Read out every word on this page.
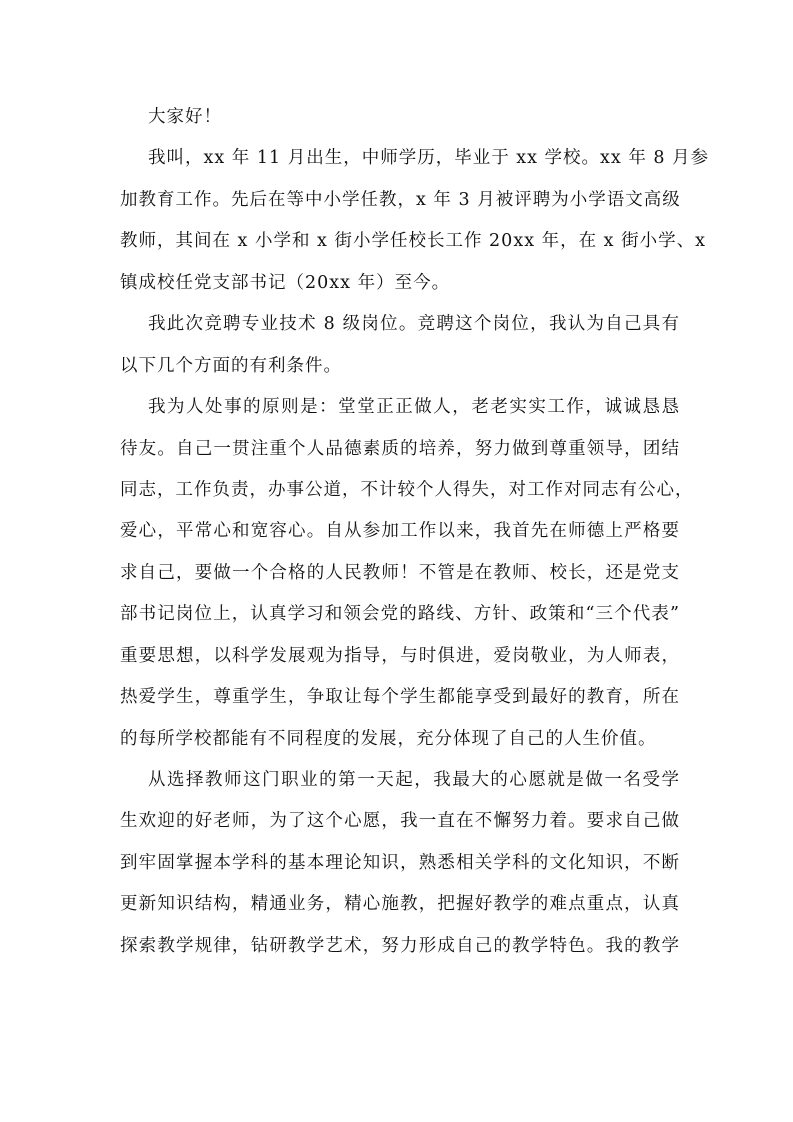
大家好！
我叫，xx 年 11 月出生，中师学历，毕业于 xx 学校。xx 年 8 月参
加教育工作。先后在等中小学任教，x 年 3 月被评聘为小学语文高级
教师，其间在 x 小学和 x 街小学任校长工作 20xx 年，在 x 街小学、x
镇成校任党支部书记（20xx 年）至今。
我此次竞聘专业技术 8 级岗位。竞聘这个岗位，我认为自己具有
以下几个方面的有利条件。
我为人处事的原则是：堂堂正正做人，老老实实工作，诚诚恳恳
待友。自己一贯注重个人品德素质的培养，努力做到尊重领导，团结
同志，工作负责，办事公道，不计较个人得失，对工作对同志有公心，
爱心，平常心和宽容心。自从参加工作以来，我首先在师德上严格要
求自己，要做一个合格的人民教师！不管是在教师、校长，还是党支
部书记岗位上，认真学习和领会党的路线、方针、政策和“三个代表”
重要思想，以科学发展观为指导，与时俱进，爱岗敬业，为人师表，
热爱学生，尊重学生，争取让每个学生都能享受到最好的教育，所在
的每所学校都能有不同程度的发展，充分体现了自己的人生价值。
从选择教师这门职业的第一天起，我最大的心愿就是做一名受学
生欢迎的好老师，为了这个心愿，我一直在不懈努力着。要求自己做
到牢固掌握本学科的基本理论知识，熟悉相关学科的文化知识，不断
更新知识结构，精通业务，精心施教，把握好教学的难点重点，认真
探索教学规律，钻研教学艺术，努力形成自己的教学特色。我的教学
